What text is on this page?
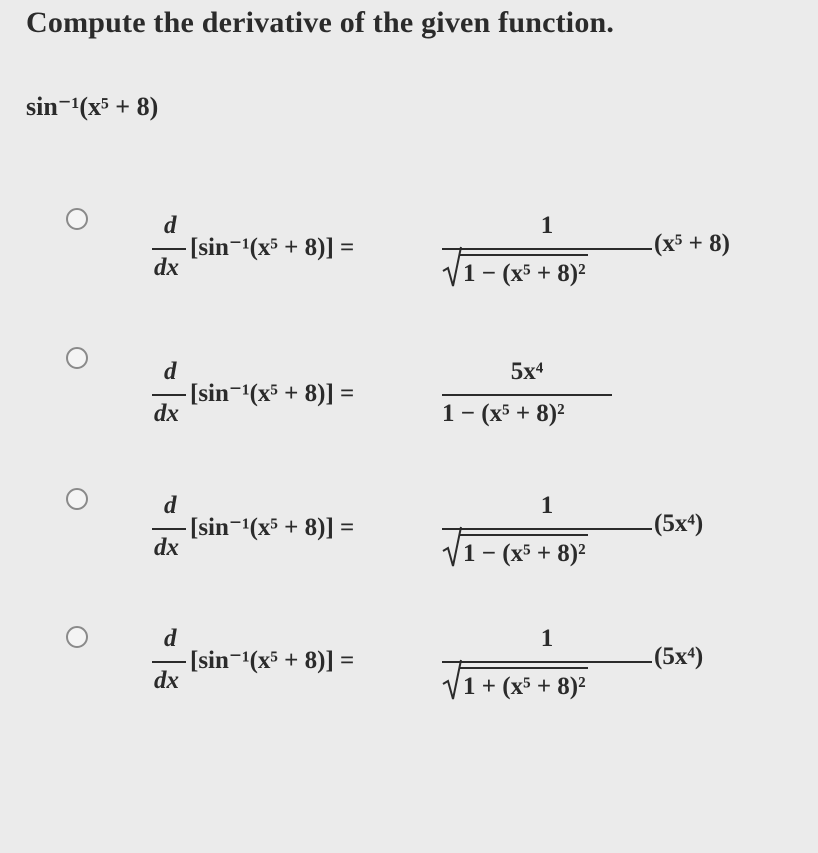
Compute the derivative of the given function.
sin⁻¹(x⁵ + 8)
d
dx
[sin⁻¹(x⁵ + 8)] =
1
1 − (x⁵ + 8)²
(x⁵ + 8)
d
dx
[sin⁻¹(x⁵ + 8)] =
5x⁴
1 − (x⁵ + 8)²
d
dx
[sin⁻¹(x⁵ + 8)] =
1
1 − (x⁵ + 8)²
(5x⁴)
d
dx
[sin⁻¹(x⁵ + 8)] =
1
1 + (x⁵ + 8)²
(5x⁴)
